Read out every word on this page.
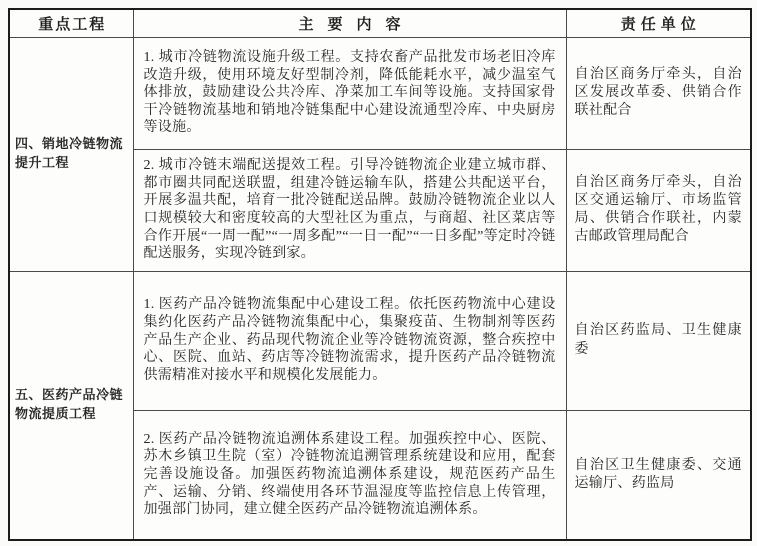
重点工程	主要内容	责任单位
四、销地冷链物流提升工程	1. 城市冷链物流设施升级工程。支持农畜产品批发市场老旧冷库改造升级，使用环境友好型制冷剂，降低能耗水平，减少温室气体排放，鼓励建设公共冷库、净菜加工车间等设施。支持国家骨干冷链物流基地和销地冷链集配中心建设流通型冷库、中央厨房等设施。	自治区商务厅牵头，自治区发展改革委、供销合作联社配合
	2. 城市冷链末端配送提效工程。引导冷链物流企业建立城市群、都市圈共同配送联盟，组建冷链运输车队，搭建公共配送平台，开展多温共配，培育一批冷链配送品牌。鼓励冷链物流企业以人口规模较大和密度较高的大型社区为重点，与商超、社区菜店等合作开展“一周一配”“一周多配”“一日一配”“一日多配”等定时冷链配送服务，实现冷链到家。	自治区商务厅牵头，自治区交通运输厅、市场监管局、供销合作联社，内蒙古邮政管理局配合
五、医药产品冷链物流提质工程	1. 医药产品冷链物流集配中心建设工程。依托医药物流中心建设集约化医药产品冷链物流集配中心，集聚疫苗、生物制剂等医药产品生产企业、药品现代物流企业等冷链物流资源，整合疾控中心、医院、血站、药店等冷链物流需求，提升医药产品冷链物流供需精准对接水平和规模化发展能力。	自治区药监局、卫生健康委
	2. 医药产品冷链物流追溯体系建设工程。加强疾控中心、医院、苏木乡镇卫生院（室）冷链物流追溯管理系统建设和应用，配套完善设施设备。加强医药物流追溯体系建设，规范医药产品生产、运输、分销、终端使用各环节温湿度等监控信息上传管理，加强部门协同，建立健全医药产品冷链物流追溯体系。	自治区卫生健康委、交通运输厅、药监局
